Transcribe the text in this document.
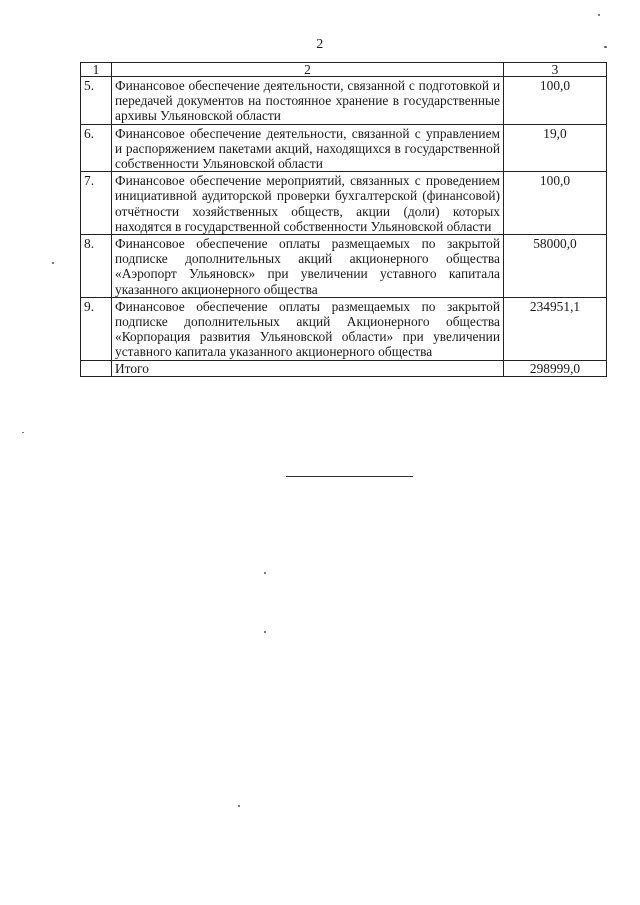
2
1	2	3
5.	Финансовое обеспечение деятельности, связанной с подготовкой и передачей документов на постоянное хранение в государственные архивы Ульяновской области	100,0
6.	Финансовое обеспечение деятельности, связанной с управлением и распоряжением пакетами акций, находящихся в государственной собственности Ульяновской области	19,0
7.	Финансовое обеспечение мероприятий, связанных с проведением инициативной аудиторской проверки бухгалтерской (финансовой) отчётности хозяйственных обществ, акции (доли) которых находятся в государственной собственности Ульяновской области	100,0
8.	Финансовое обеспечение оплаты размещаемых по закрытой подписке дополнительных акций акционерного общества «Аэропорт Ульяновск» при увеличении уставного капитала указанного акционерного общества	58000,0
9.	Финансовое обеспечение оплаты размещаемых по закрытой подписке дополнительных акций Акционерного общества «Корпорация развития Ульяновской области» при увеличении уставного капитала указанного акционерного общества	234951,1
	Итого	298999,0
